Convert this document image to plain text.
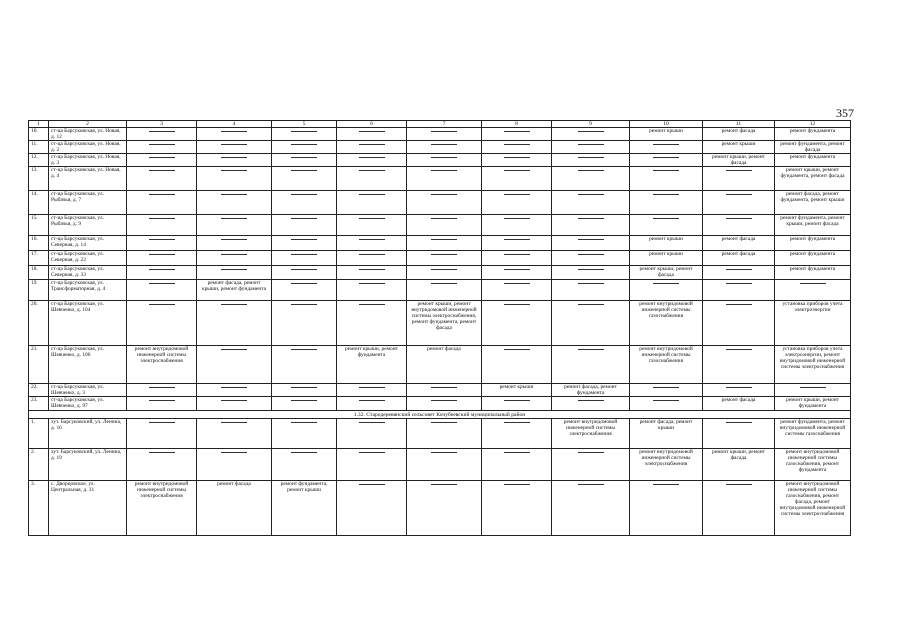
357
1	2	3	4	5	6	7	8	9	10	11	12
10.	ст-ца Барсуковская, ул. Новая, д. 12								ремонт крыши	ремонт фасада	ремонт фундамента
11.	ст-ца Барсуковская, ул. Новая, д. 2									ремонт крыши	ремонт фундамента, ремонт фасада
12.	ст-ца Барсуковская, ул. Новая, д. 3									ремонт крыши, ремонт фасада	ремонт фундамента
13.	ст-ца Барсуковская, ул. Новая, д. 4										ремонт крыши, ремонт фундамента, ремонт фасада
14.	ст-ца Барсуковская, ул. Рыбачья, д. 7										ремонт фасада, ремонт фундамента, ремонт крыши
15.	ст-ца Барсуковская, ул. Рыбачья, д. 9										ремонт фундамента, ремонт крыши, ремонт фасада
16.	ст-ца Барсуковская, ул. Северная, д. 14								ремонт крыши	ремонт фасада	ремонт фундамента
17.	ст-ца Барсуковская, ул. Северная, д. 22								ремонт крыши	ремонт фасада	ремонт фундамента
18.	ст-ца Барсуковская, ул. Северная, д. 33								ремонт крыши, ремонт фасада		ремонт фундамента
19.	ст-ца Барсуковская, ул. Трансформаторная, д. 4		ремонт фасада, ремонт крыши, ремонт фундамента								
20.	ст-ца Барсуковская, ул. Шевченко, д. 104					ремонт крыши, ремонт внутридомовой инженерной системы электроснабжения, ремонт фундамента, ремонт фасада			ремонт внутридомовой инженерной системы газоснабжения		установка приборов учета электроэнергии
21.	ст-ца Барсуковская, ул. Шевченко, д. 106	ремонт внутридомовой инженерной системы электроснабжения			ремонт крыши, ремонт фундамента	ремонт фасада			ремонт внутридомовой инженерной системы газоснабжения		установка приборов учета электроэнергии, ремонт внутридомовой инженерной системы электроснабжения
22.	ст-ца Барсуковская, ул. Шевченко, д. 3						ремонт крыши	ремонт фасада, ремонт фундамента			
23.	ст-ца Барсуковская, ул. Шевченко, д. 97									ремонт фасада	ремонт крыши, ремонт фундамента
1.32. Стародеревянский сельсовет Кочубеевский муниципальный район											
1.	хут. Барсуковский, ул. Ленина, д. 16							ремонт внутридомовой инженерной системы электроснабжения	ремонт фасада, ремонт крыши		ремонт фундамента, ремонт внутридомовой инженерной системы газоснабжения
2.	хут. Барсуковский, ул. Ленина, д. 19								ремонт внутридомовой инженерной системы электроснабжения	ремонт крыши, ремонт фасада	ремонт внутридомовой инженерной системы газоснабжения, ремонт фундамента
3.	с. Дворцовское, ул. Центральная, д. 31	ремонт внутридомовой инженерной системы электроснабжения	ремонт фасада	ремонт фундамента, ремонт крыши							ремонт внутридомовой инженерной системы газоснабжения, ремонт фасада, ремонт внутридомовой инженерной системы электроснабжения
